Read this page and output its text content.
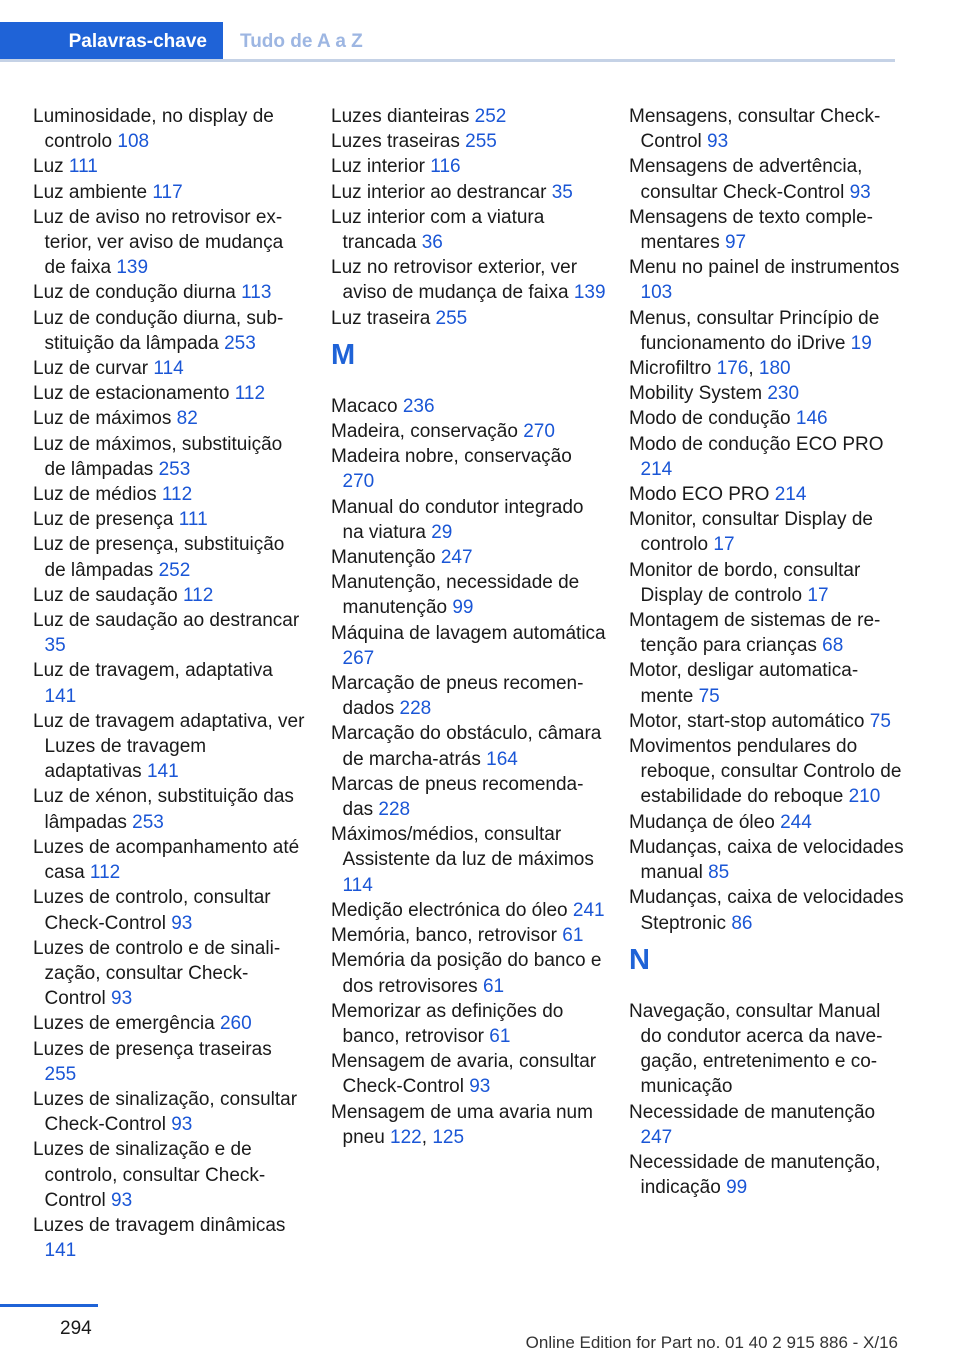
Palavras-chave Tudo de A a Z

Luminosidade, no display de controlo 108

Luz 111

Luz ambiente 117

Luz de aviso no retrovisor exterior, ver aviso de mudança de faixa 139

Luz de condução diurna 113

Luz de condução diurna, substituição da lâmpada 253

Luz de curvar 114

Luz de estacionamento 112

Luz de máximos 82

Luz de máximos, substituição de lâmpadas 253

Luz de médios 112

Luz de presença 111

Luz de presença, substituição de lâmpadas 252

Luz de saudação 112

Luz de saudação ao destrancar 35

Luz de travagem, adaptativa 141

Luz de travagem adaptativa, ver Luzes de travagem adaptativas 141

Luz de xénon, substituição das lâmpadas 253

Luzes de acompanhamento até casa 112

Luzes de controlo, consultar Check-Control 93

Luzes de controlo e de sinalização, consultar Check-Control 93

Luzes de emergência 260

Luzes de presença traseiras 255

Luzes de sinalização, consultar Check-Control 93

Luzes de sinalização e de controlo, consultar Check-Control 93

Luzes de travagem dinâmicas 141

Luzes dianteiras 252

Luzes traseiras 255

Luz interior 116

Luz interior ao destrancar 35

Luz interior com a viatura trancada 36

Luz no retrovisor exterior, ver aviso de mudança de faixa 139

Luz traseira 255

M

Macaco 236

Madeira, conservação 270

Madeira nobre, conservação 270

Manual do condutor integrado na viatura 29

Manutenção 247

Manutenção, necessidade de manutenção 99

Máquina de lavagem automática 267

Marcação de pneus recomendados 228

Marcação do obstáculo, câmara de marcha-atrás 164

Marcas de pneus recomendadas 228

Máximos/médios, consultar Assistente da luz de máximos 114

Medição electrónica do óleo 241

Memória, banco, retrovisor 61

Memória da posição do banco e dos retrovisores 61

Memorizar as definições do banco, retrovisor 61

Mensagem de avaria, consultar Check-Control 93

Mensagem de uma avaria num pneu 122, 125

Mensagens, consultar Check-Control 93

Mensagens de advertência, consultar Check-Control 93

Mensagens de texto complementares 97

Menu no painel de instrumentos 103

Menus, consultar Princípio de funcionamento do iDrive 19

Microfiltro 176, 180

Mobility System 230

Modo de condução 146

Modo de condução ECO PRO 214

Modo ECO PRO 214

Monitor, consultar Display de controlo 17

Monitor de bordo, consultar Display de controlo 17

Montagem de sistemas de retenção para crianças 68

Motor, desligar automaticamente 75

Motor, start-stop automático 75

Movimentos pendulares do reboque, consultar Controlo de estabilidade do reboque 210

Mudança de óleo 244

Mudanças, caixa de velocidades manual 85

Mudanças, caixa de velocidades Steptronic 86

N

Navegação, consultar Manual do condutor acerca da navegação, entretenimento e comunicação

Necessidade de manutenção 247

Necessidade de manutenção, indicação 99

294
Online Edition for Part no. 01 40 2 915 886 - X/16
